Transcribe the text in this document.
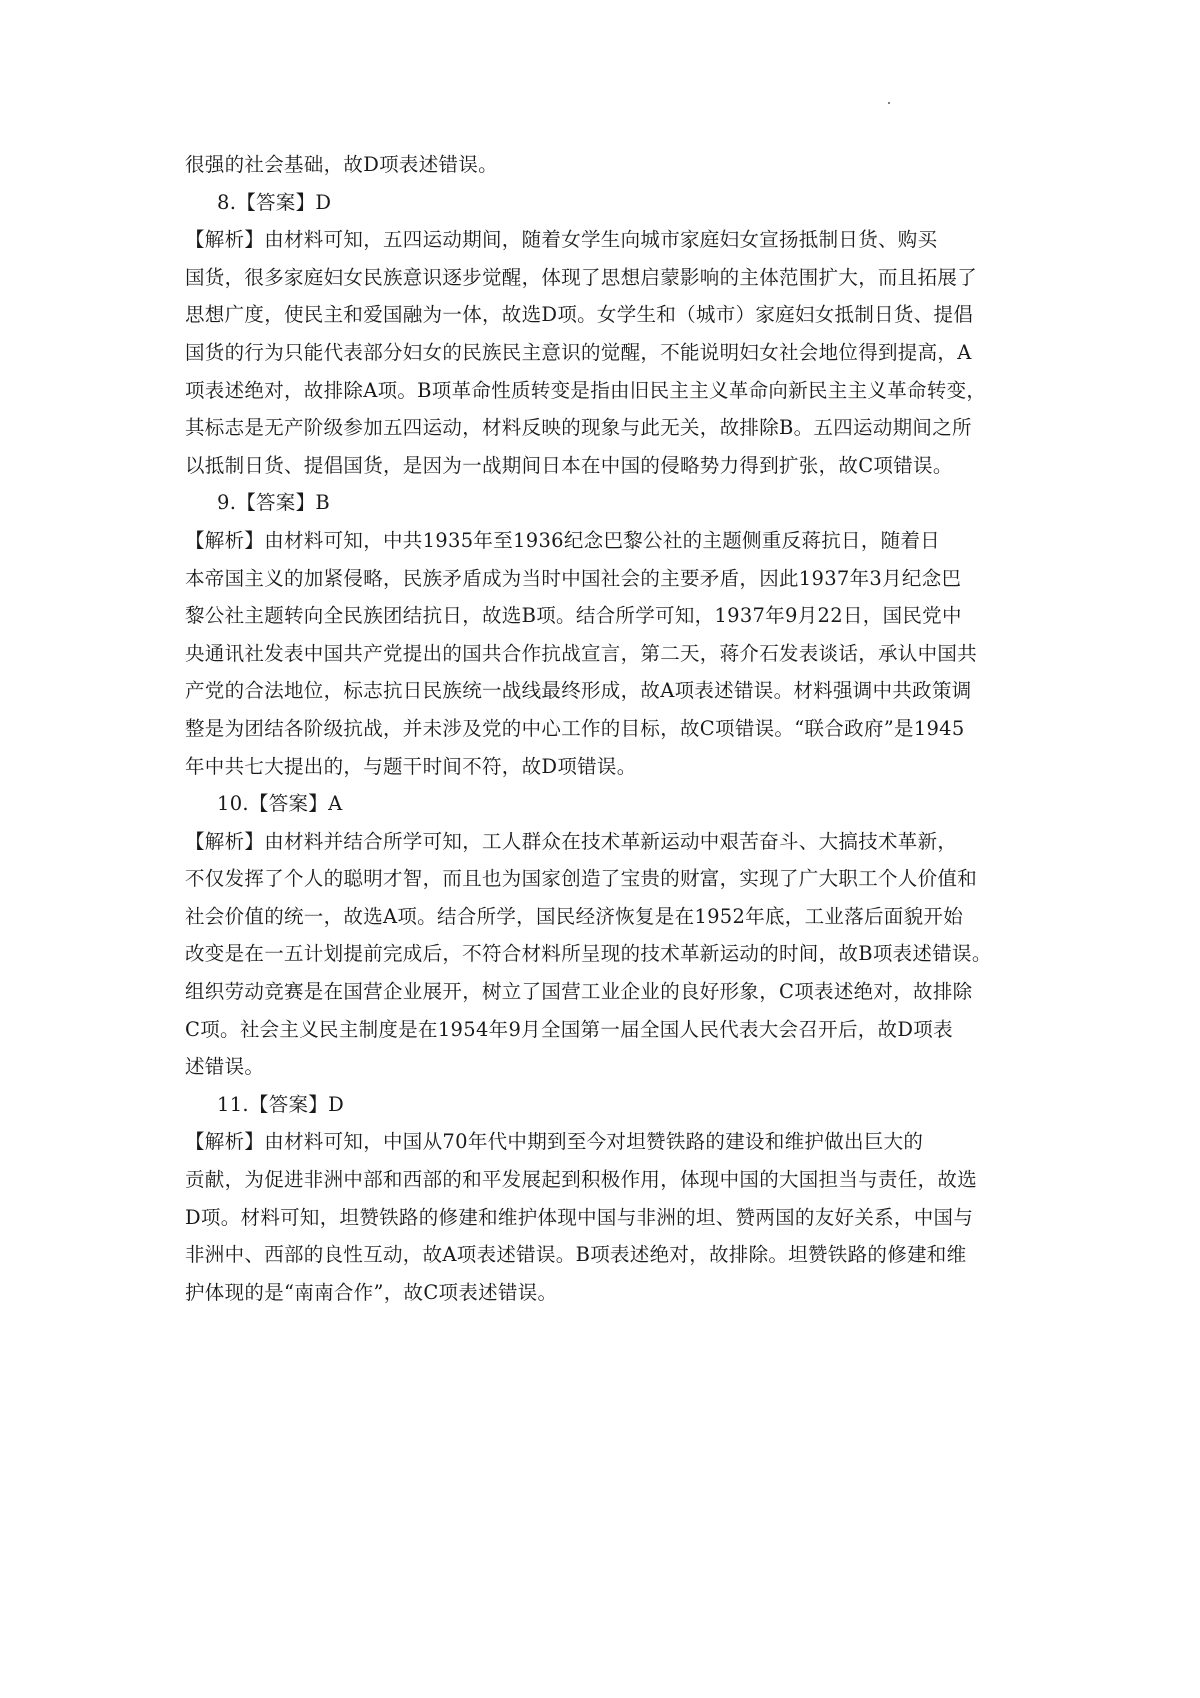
很强的社会基础，故D项表述错误。

8.【答案】D

【解析】由材料可知，五四运动期间，随着女学生向城市家庭妇女宣扬抵制日货、购买
国货，很多家庭妇女民族意识逐步觉醒，体现了思想启蒙影响的主体范围扩大，而且拓展了
思想广度，使民主和爱国融为一体，故选D项。女学生和（城市）家庭妇女抵制日货、提倡
国货的行为只能代表部分妇女的民族民主意识的觉醒，不能说明妇女社会地位得到提高，A
项表述绝对，故排除A项。B项革命性质转变是指由旧民主主义革命向新民主主义革命转变，
其标志是无产阶级参加五四运动，材料反映的现象与此无关，故排除B。五四运动期间之所
以抵制日货、提倡国货，是因为一战期间日本在中国的侵略势力得到扩张，故C项错误。

9.【答案】B

【解析】由材料可知，中共1935年至1936纪念巴黎公社的主题侧重反蒋抗日，随着日
本帝国主义的加紧侵略，民族矛盾成为当时中国社会的主要矛盾，因此1937年3月纪念巴
黎公社主题转向全民族团结抗日，故选B项。结合所学可知，1937年9月22日，国民党中
央通讯社发表中国共产党提出的国共合作抗战宣言，第二天，蒋介石发表谈话，承认中国共
产党的合法地位，标志抗日民族统一战线最终形成，故A项表述错误。材料强调中共政策调
整是为团结各阶级抗战，并未涉及党的中心工作的目标，故C项错误。“联合政府”是1945
年中共七大提出的，与题干时间不符，故D项错误。

10.【答案】A

【解析】由材料并结合所学可知，工人群众在技术革新运动中艰苦奋斗、大搞技术革新，
不仅发挥了个人的聪明才智，而且也为国家创造了宝贵的财富，实现了广大职工个人价值和
社会价值的统一，故选A项。结合所学，国民经济恢复是在1952年底，工业落后面貌开始
改变是在一五计划提前完成后，不符合材料所呈现的技术革新运动的时间，故B项表述错误。
组织劳动竞赛是在国营企业展开，树立了国营工业企业的良好形象，C项表述绝对，故排除
C项。社会主义民主制度是在1954年9月全国第一届全国人民代表大会召开后，故D项表
述错误。

11.【答案】D

【解析】由材料可知，中国从70年代中期到至今对坦赞铁路的建设和维护做出巨大的
贡献，为促进非洲中部和西部的和平发展起到积极作用，体现中国的大国担当与责任，故选
D项。材料可知，坦赞铁路的修建和维护体现中国与非洲的坦、赞两国的友好关系，中国与
非洲中、西部的良性互动，故A项表述错误。B项表述绝对，故排除。坦赞铁路的修建和维
护体现的是“南南合作”，故C项表述错误。
